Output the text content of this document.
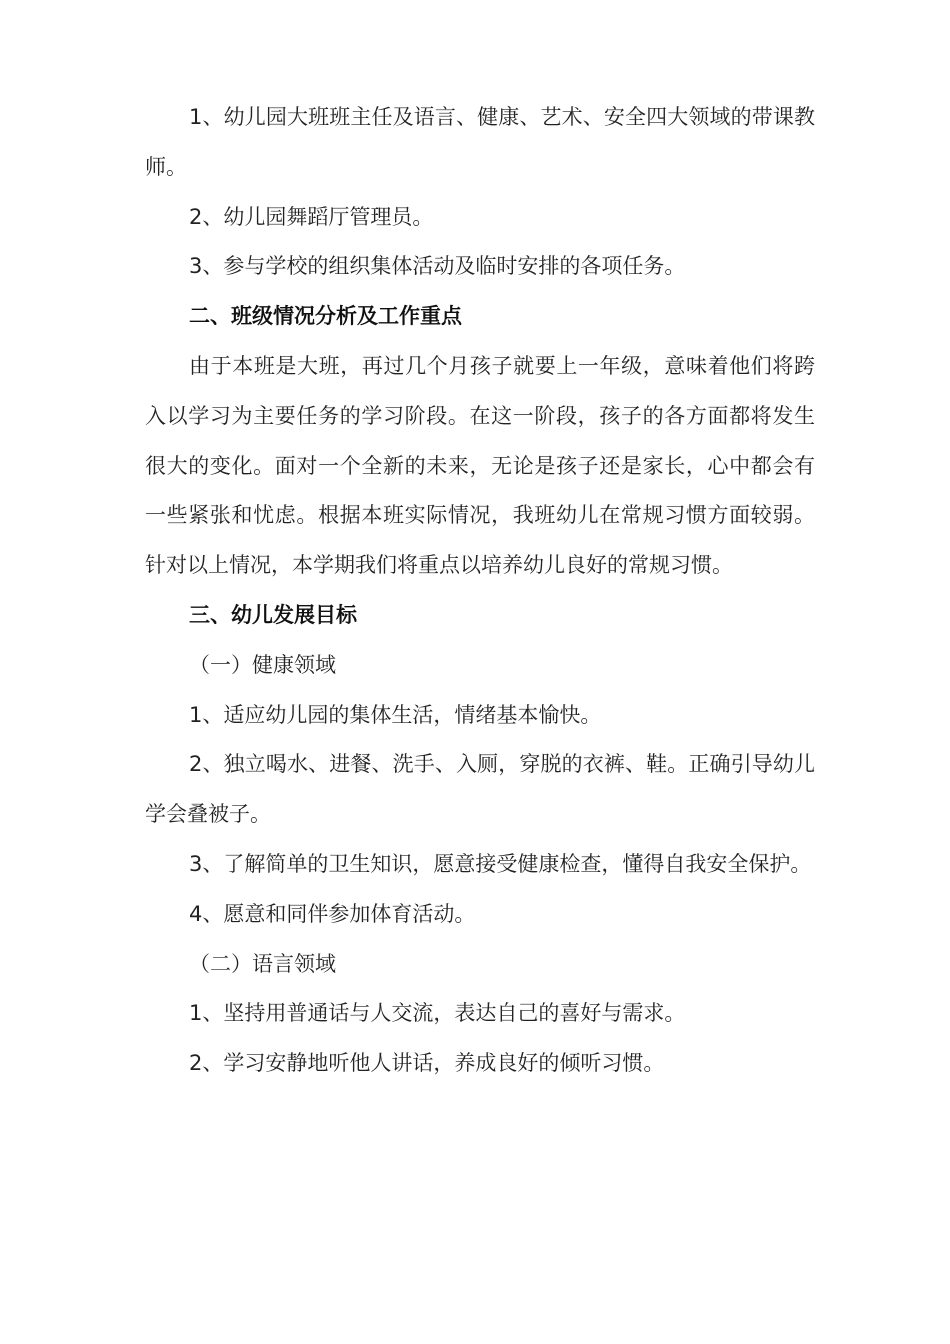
1、幼儿园大班班主任及语言、健康、艺术、安全四大领域的带课教师。

2、幼儿园舞蹈厅管理员。

3、参与学校的组织集体活动及临时安排的各项任务。

二、班级情况分析及工作重点

由于本班是大班，再过几个月孩子就要上一年级，意味着他们将跨入以学习为主要任务的学习阶段。在这一阶段，孩子的各方面都将发生很大的变化。面对一个全新的未来，无论是孩子还是家长，心中都会有一些紧张和忧虑。根据本班实际情况，我班幼儿在常规习惯方面较弱。针对以上情况，本学期我们将重点以培养幼儿良好的常规习惯。

三、幼儿发展目标

（一）健康领域

1、适应幼儿园的集体生活，情绪基本愉快。

2、独立喝水、进餐、洗手、入厕，穿脱的衣裤、鞋。正确引导幼儿学会叠被子。

3、了解简单的卫生知识，愿意接受健康检查，懂得自我安全保护。

4、愿意和同伴参加体育活动。

（二）语言领域

1、坚持用普通话与人交流，表达自己的喜好与需求。

2、学习安静地听他人讲话，养成良好的倾听习惯。
